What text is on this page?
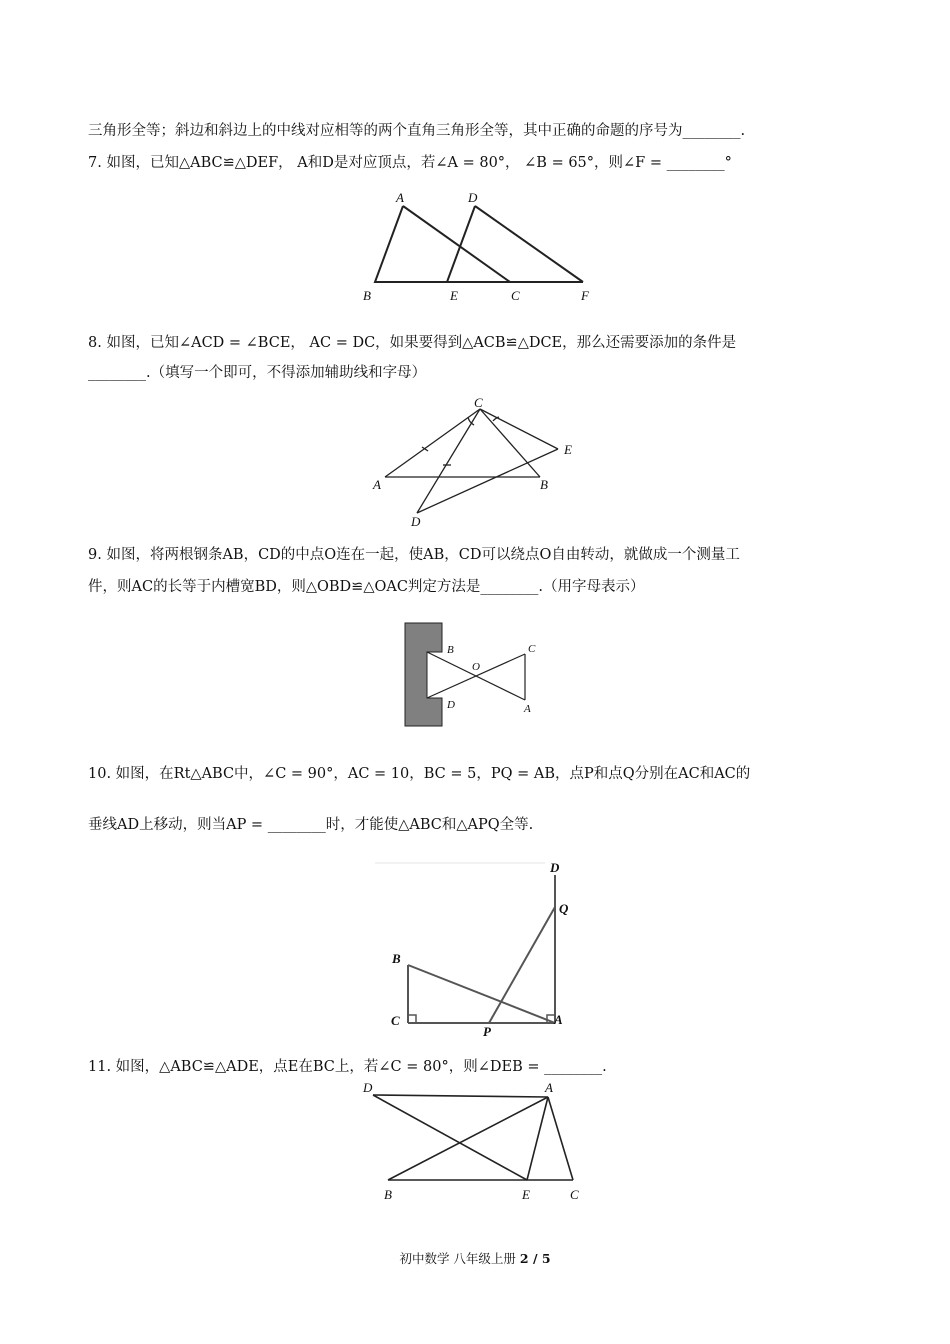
三角形全等；斜边和斜边上的中线对应相等的两个直角三角形全等，其中正确的命题的序号为________.
7. 如图，已知△ABC≌△DEF， A和D是对应顶点，若∠A = 80°， ∠B = 65°，则∠F = ________°
A	D
B	E	C	F
8. 如图，已知∠ACD = ∠BCE， AC = DC，如果要得到△ACB≌△DCE，那么还需要添加的条件是
________.（填写一个即可，不得添加辅助线和字母）
C
E
A	B
D
9. 如图，将两根钢条AB，CD的中点O连在一起，使AB，CD可以绕点O自由转动，就做成一个测量工
件，则AC的长等于内槽宽BD，则△OBD≌△OAC判定方法是________.（用字母表示）
B	C
O
D	A
10. 如图，在Rt△ABC中，∠C = 90°，AC = 10，BC = 5，PQ = AB，点P和点Q分别在AC和AC的
垂线AD上移动，则当AP = ________时，才能使△ABC和△APQ全等.
D
Q
B
C
P
A
11. 如图，△ABC≌△ADE，点E在BC上，若∠C = 80°，则∠DEB = ________.
D	A
B	E	C
初中数学 八年级上册 2 / 5
